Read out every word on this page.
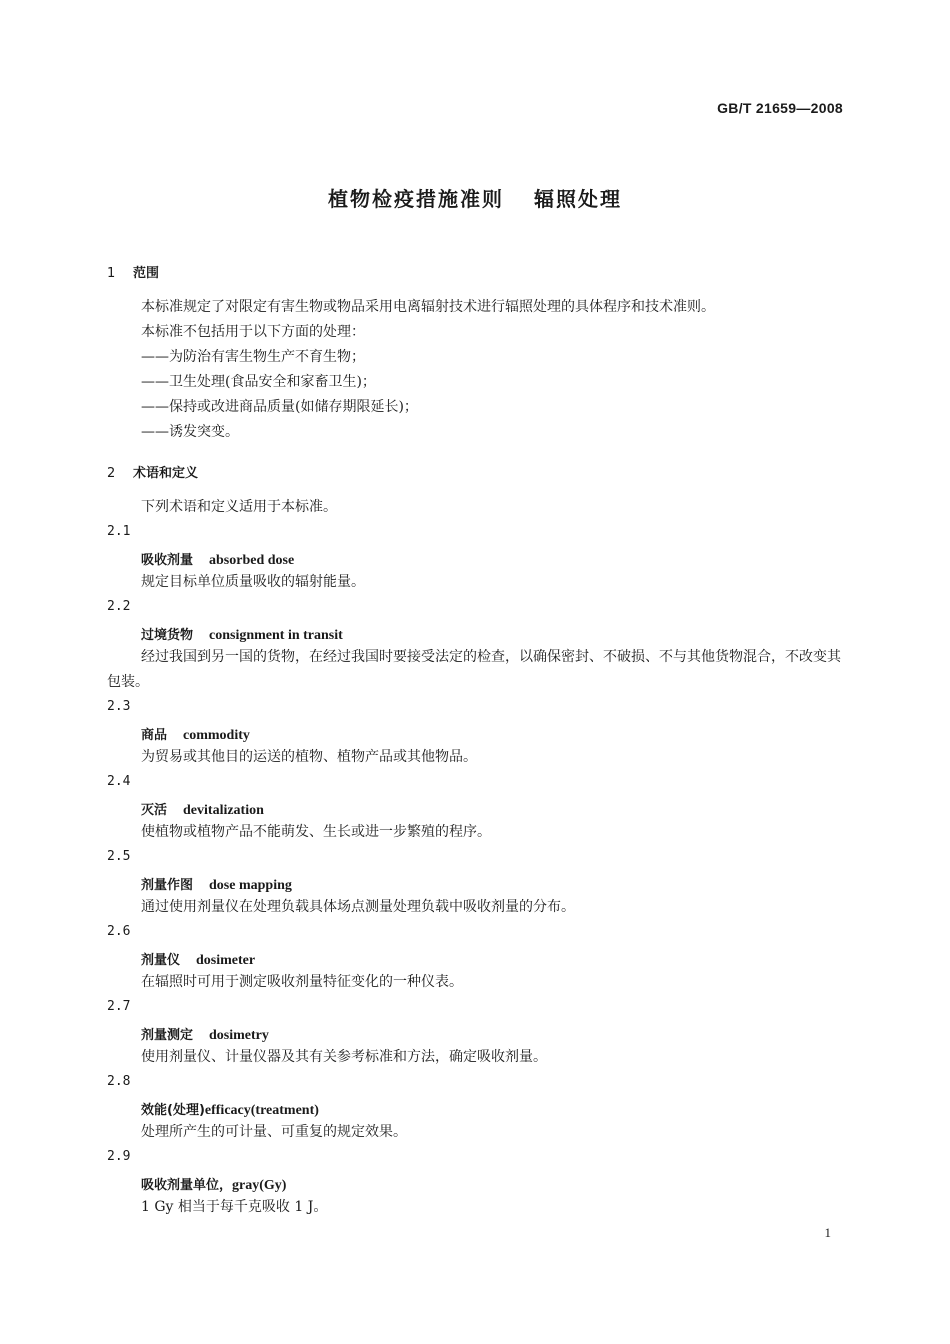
GB/T 21659—2008
植物检疫措施准则 辐照处理
1 范围
本标准规定了对限定有害生物或物品采用电离辐射技术进行辐照处理的具体程序和技术准则。
本标准不包括用于以下方面的处理：
——为防治有害生物生产不育生物；
——卫生处理(食品安全和家畜卫生)；
——保持或改进商品质量(如储存期限延长)；
——诱发突变。
2 术语和定义
下列术语和定义适用于本标准。
2.1
吸收剂量 absorbed dose
规定目标单位质量吸收的辐射能量。
2.2
过境货物 consignment in transit
经过我国到另一国的货物，在经过我国时要接受法定的检查，以确保密封、不破损、不与其他货物混合，不改变其包装。
2.3
商品 commodity
为贸易或其他目的运送的植物、植物产品或其他物品。
2.4
灭活 devitalization
使植物或植物产品不能萌发、生长或进一步繁殖的程序。
2.5
剂量作图 dose mapping
通过使用剂量仪在处理负载具体场点测量处理负载中吸收剂量的分布。
2.6
剂量仪 dosimeter
在辐照时可用于测定吸收剂量特征变化的一种仪表。
2.7
剂量测定 dosimetry
使用剂量仪、计量仪器及其有关参考标准和方法，确定吸收剂量。
2.8
效能(处理)efficacy(treatment)
处理所产生的可计量、可重复的规定效果。
2.9
吸收剂量单位，gray(Gy)
1 Gy 相当于每千克吸收 1 J。
1
